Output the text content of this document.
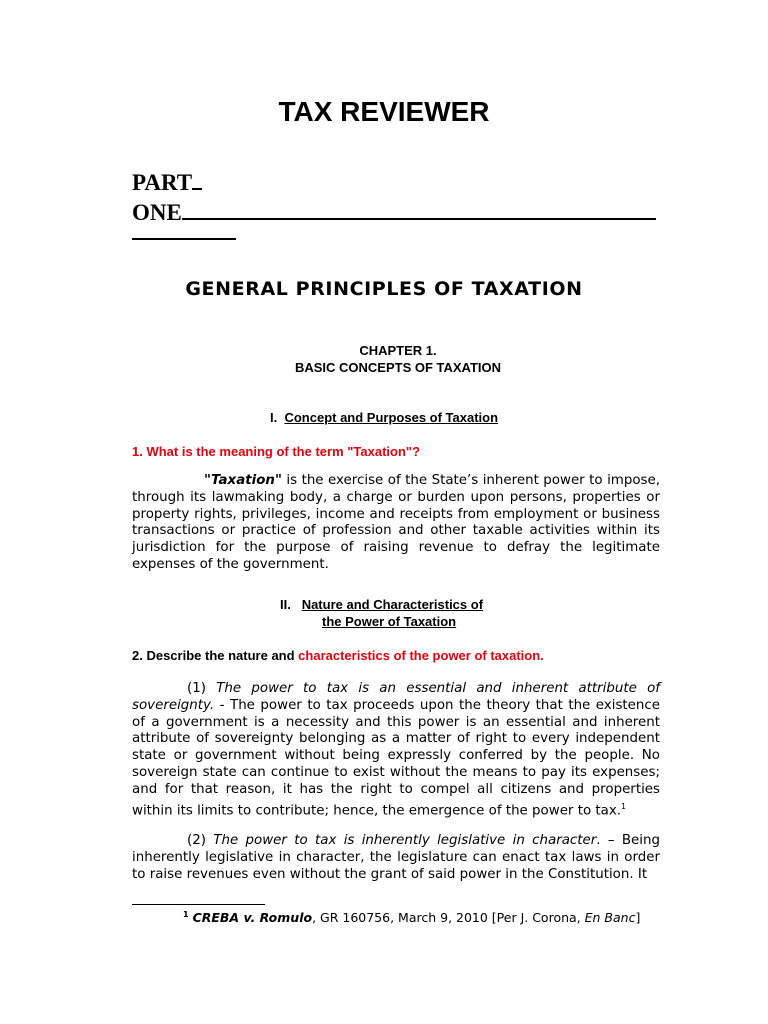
TAX REVIEWER
PART
ONE
GENERAL PRINCIPLES OF TAXATION
CHAPTER 1.
BASIC CONCEPTS OF TAXATION
I. Concept and Purposes of Taxation
1. What is the meaning of the term "Taxation"?
"Taxation" is the exercise of the State’s inherent power to impose, through its lawmaking body, a charge or burden upon persons, properties or property rights, privileges, income and receipts from employment or business transactions or practice of profession and other taxable activities within its jurisdiction for the purpose of raising revenue to defray the legitimate expenses of the government.
II. Nature and Characteristics of
the Power of Taxation
2. Describe the nature and characteristics of the power of taxation.
(1) The power to tax is an essential and inherent attribute of sovereignty. - The power to tax proceeds upon the theory that the existence of a government is a necessity and this power is an essential and inherent attribute of sovereignty belonging as a matter of right to every independent state or government without being expressly conferred by the people. No sovereign state can continue to exist without the means to pay its expenses; and for that reason, it has the right to compel all citizens and properties within its limits to contribute; hence, the emergence of the power to tax.$^1$
(2) The power to tax is inherently legislative in character. – Being inherently legislative in character, the legislature can enact tax laws in order to raise revenues even without the grant of said power in the Constitution. It
$^1$ CREBA v. Romulo, GR 160756, March 9, 2010 [Per J. Corona, En Banc]
